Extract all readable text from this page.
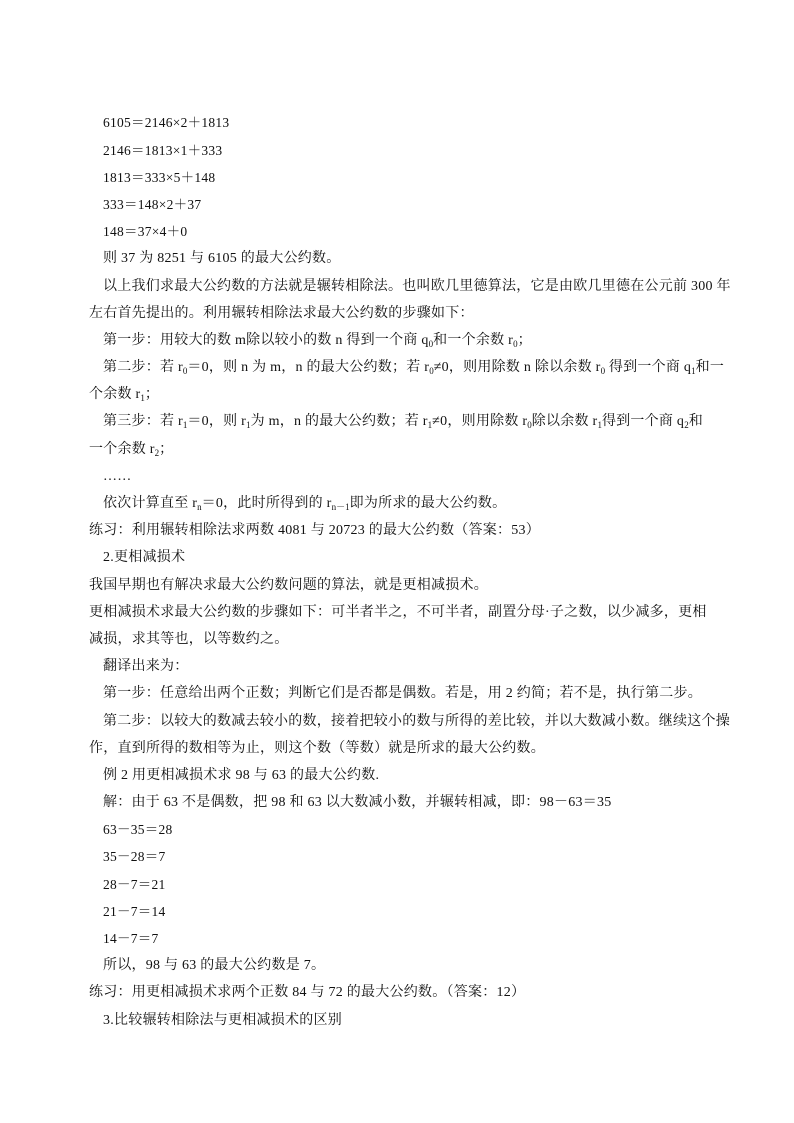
6105＝2146×2＋1813
2146＝1813×1＋333
1813＝333×5＋148
333＝148×2＋37
148＝37×4＋0
则 37 为 8251 与 6105 的最大公约数。
以上我们求最大公约数的方法就是辗转相除法。也叫欧几里德算法，它是由欧几里德在公元前 300 年
左右首先提出的。利用辗转相除法求最大公约数的步骤如下：
第一步：用较大的数 m除以较小的数 n 得到一个商 $q_0$和一个余数 $r_0$；
第二步：若 $r_0=0$，则 n 为 m，n 的最大公约数；若 $r_0\ne 0$，则用除数 n 除以余数 $r_0$ 得到一个商 $q_1$和一
个余数 $r_1$；
第三步：若 $r_1=0$，则 $r_1$为 m，n 的最大公约数；若 $r_1\ne 0$，则用除数 $r_0$除以余数 $r_1$得到一个商 $q_2$和
一个余数 $r_2$；
……
依次计算直至 $r_n=0$，此时所得到的 $r_{n-1}$即为所求的最大公约数。
练习：利用辗转相除法求两数 4081 与 20723 的最大公约数（答案：53）
2.更相减损术
我国早期也有解决求最大公约数问题的算法，就是更相减损术。
更相减损术求最大公约数的步骤如下：可半者半之，不可半者，副置分母·子之数，以少减多，更相
减损，求其等也，以等数约之。
翻译出来为：
第一步：任意给出两个正数；判断它们是否都是偶数。若是，用 2 约简；若不是，执行第二步。
第二步：以较大的数减去较小的数，接着把较小的数与所得的差比较，并以大数减小数。继续这个操
作，直到所得的数相等为止，则这个数（等数）就是所求的最大公约数。
例 2 用更相减损术求 98 与 63 的最大公约数.
解：由于 63 不是偶数，把 98 和 63 以大数减小数，并辗转相减，即：98－63＝35
63－35＝28
35－28＝7
28－7＝21
21－7＝14
14－7＝7
所以，98 与 63 的最大公约数是 7。
练习：用更相减损术求两个正数 84 与 72 的最大公约数。（答案：12）
3.比较辗转相除法与更相减损术的区别
